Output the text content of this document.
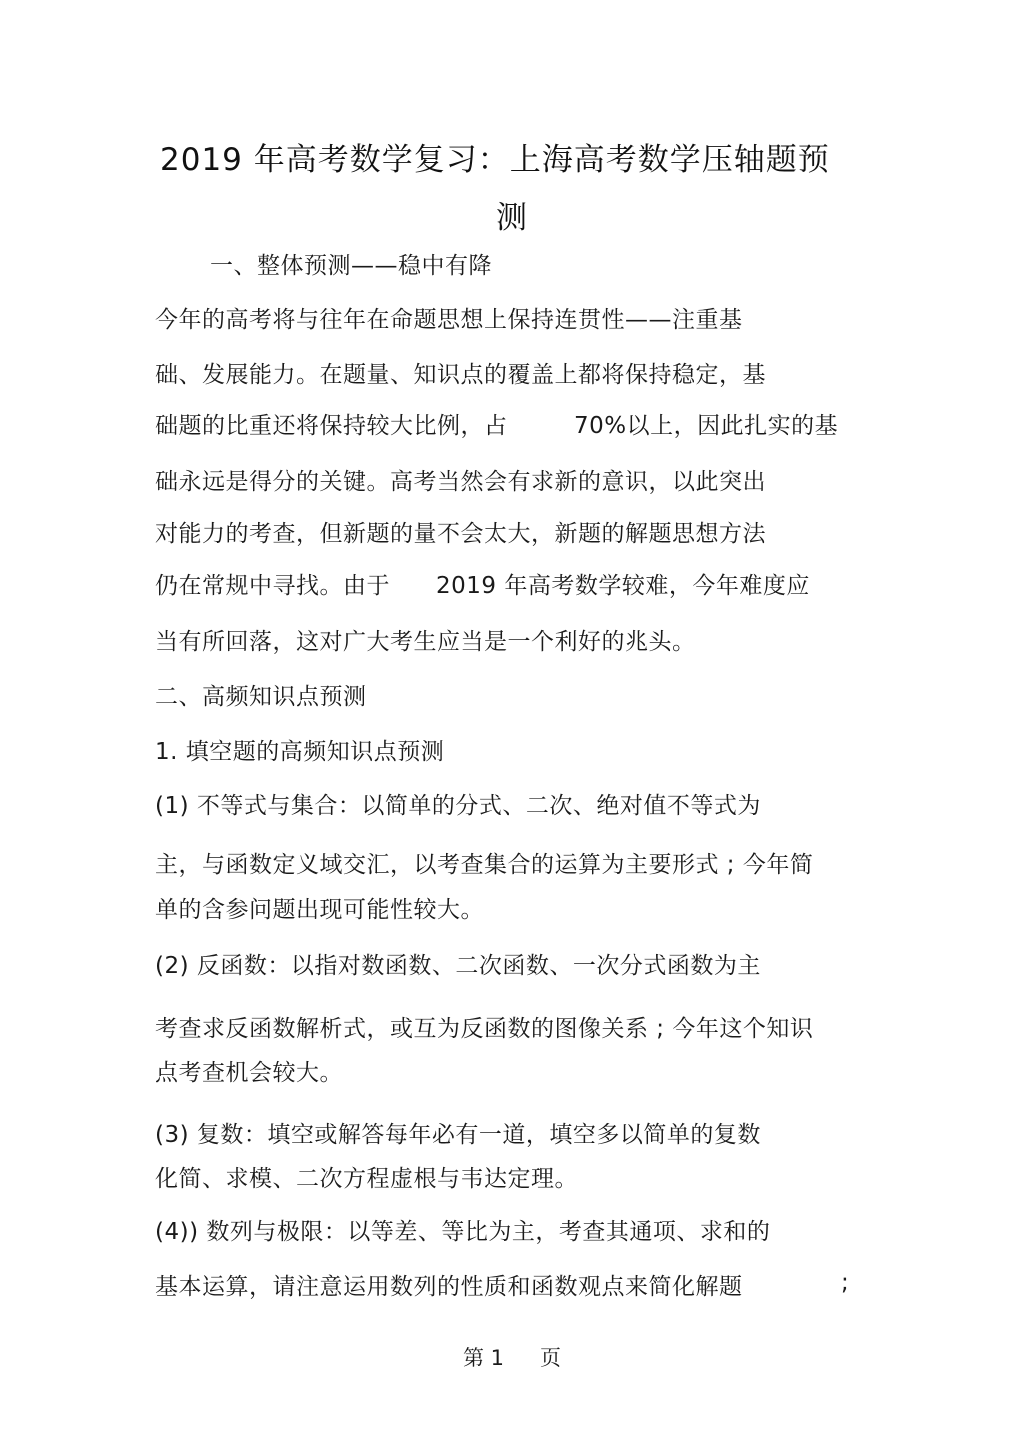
2019 年高考数学复习：上海高考数学压轴题预
测
一、整体预测——稳中有降
今年的高考将与往年在命题思想上保持连贯性——注重基
础、发展能力。在题量、知识点的覆盖上都将保持稳定，基
础题的比重还将保持较大比例，占	70%以上，因此扎实的基
础永远是得分的关键。高考当然会有求新的意识，以此突出
对能力的考查，但新题的量不会太大，新题的解题思想方法
仍在常规中寻找。由于 2019 年高考数学较难，今年难度应
当有所回落，这对广大考生应当是一个利好的兆头。
二、高频知识点预测
1. 填空题的高频知识点预测
(1) 不等式与集合：以简单的分式、二次、绝对值不等式为
主，与函数定义域交汇，以考查集合的运算为主要形式 ; 今年简
单的含参问题出现可能性较大。
(2) 反函数：以指对数函数、二次函数、一次分式函数为主
考查求反函数解析式，或互为反函数的图像关系 ; 今年这个知识
点考查机会较大。
(3) 复数：填空或解答每年必有一道，填空多以简单的复数
化简、求模、二次方程虚根与韦达定理。
(4)) 数列与极限：以等差、等比为主，考查其通项、求和的
基本运算，请注意运用数列的性质和函数观点来简化解题	;
第 1 页
